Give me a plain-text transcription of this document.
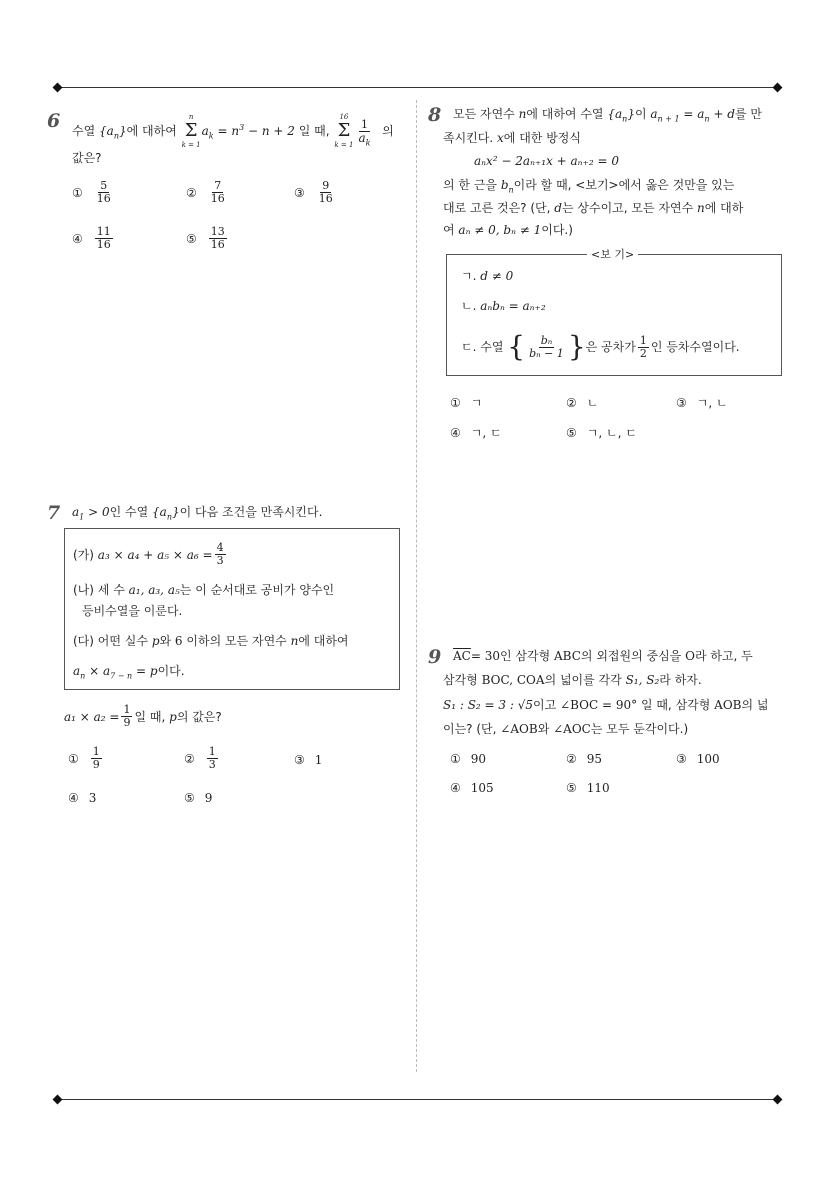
6 수열
$\{a_n\}$ 에 대하여

n
Σ
k = 1
$a_k = n^3 - n + 2$
일 때,

16
Σ
k = 1
$\frac{1}{a_k}$
의
값은?
① $\frac{5}{16}$	② $\frac{7}{16}$	③ $\frac{9}{16}$
④ $\frac{11}{16}$	⑤ $\frac{13}{16}$
7 $a_1 > 0$인 수열 $\{a_n\}$이 다음 조건을 만족시킨다.
(가)
$a_3 \times a_4 + a_5 \times a_6 = \frac{4}{3}$
(나) 세 수 a₁, a₃, a₅는 이 순서대로 공비가 양수인
등비수열을 이룬다.
(다) 어떤 실수 p와 6 이하의 모든 자연수 n에 대하여
$a_n \times a_{7 - n} = p$이다.
$a_1 \times a_2 = \frac{1}{9}$ 일 때,
p 의 값은?
① $\frac{1}{9}$	② $\frac{1}{3}$	③ 1
④ 3	⑤ 9
8 모든 자연수 n에 대하여 수열 $\{a_n\}$이 $a_{n + 1} = a_n + d$를 만
족시킨다. x에 대한 방정식
aₙx² − 2aₙ₊₁x + aₙ₊₂ = 0
의 한 근을 $b_n$이라 할 때, <보기>에서 옳은 것만을 있는
대로 고른 것은? (단, d는 상수이고, 모든 자연수 n에 대하
여 aₙ ≠ 0, bₙ ≠ 1이다.)
<보 기>
ㄱ. d ≠ 0
ㄴ. aₙbₙ = aₙ₊₂
ㄷ.
수열
{ $\frac{\text{bₙ}}{\text{bₙ − 1}}$ } 은 공차가 $\frac{1}{2}$ 인 등차수열이다.
① ㄱ	② ㄴ	③ ㄱ, ㄴ
④ ㄱ, ㄷ	⑤ ㄱ, ㄴ, ㄷ
9 $\overline{AC}= 30$인 삼각형 ABC의 외접원의 중심을 O라 하고, 두
삼각형 BOC, COA의 넓이를 각각 S₁, S₂라 하자.
S₁ : S₂ = 3 : √5이고 ∠BOC = 90° 일 때, 삼각형 AOB의 넓
이는? (단, ∠AOB와 ∠AOC는 모두 둔각이다.)
① 90	② 95	③ 100
④ 105	⑤ 110
